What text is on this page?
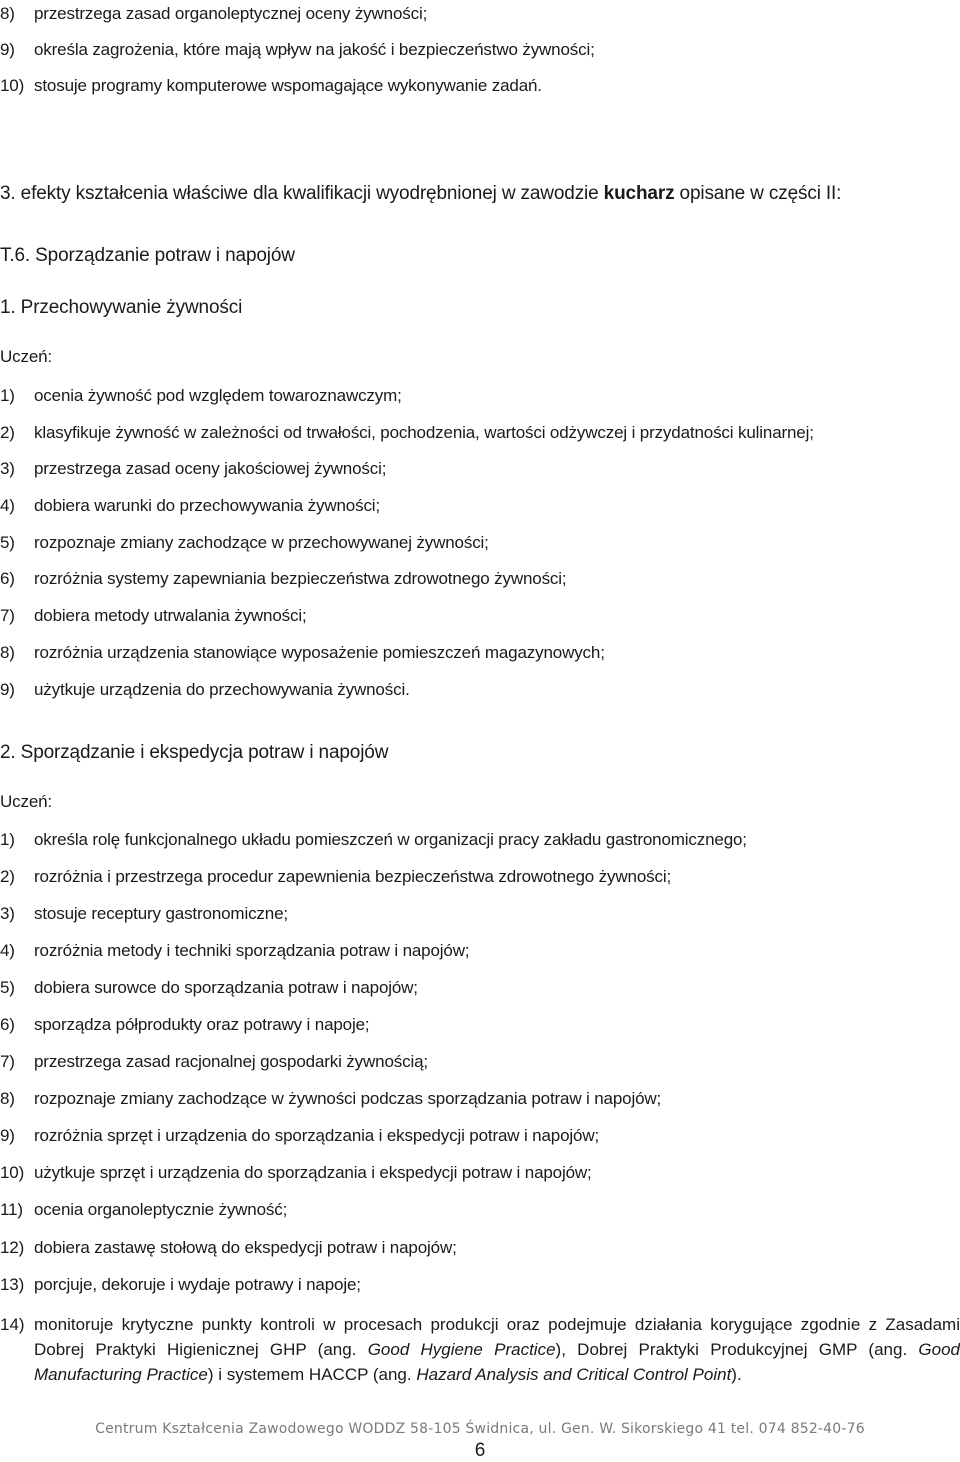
8)	przestrzega zasad organoleptycznej oceny żywności;
9)	określa zagrożenia, które mają wpływ na jakość i bezpieczeństwo żywności;
10) stosuje programy komputerowe wspomagające wykonywanie zadań.
3. efekty kształcenia właściwe dla kwalifikacji wyodrębnionej w zawodzie kucharz opisane w części II:
T.6. Sporządzanie potraw i napojów
1. Przechowywanie żywności
Uczeń:
1)	ocenia żywność pod względem towaroznawczym;
2)	klasyfikuje żywność w zależności od trwałości, pochodzenia, wartości odżywczej i przydatności kulinarnej;
3)	przestrzega zasad oceny jakościowej żywności;
4)	dobiera warunki do przechowywania żywności;
5)	rozpoznaje zmiany zachodzące w przechowywanej żywności;
6)	rozróżnia systemy zapewniania bezpieczeństwa zdrowotnego żywności;
7)	dobiera metody utrwalania żywności;
8)	rozróżnia urządzenia stanowiące wyposażenie pomieszczeń magazynowych;
9)	użytkuje urządzenia do przechowywania żywności.
2. Sporządzanie i ekspedycja potraw i napojów
Uczeń:
1)	określa rolę funkcjonalnego układu pomieszczeń w organizacji pracy zakładu gastronomicznego;
2)	rozróżnia i przestrzega procedur zapewnienia bezpieczeństwa zdrowotnego żywności;
3)	stosuje receptury gastronomiczne;
4)	rozróżnia metody i techniki sporządzania potraw i napojów;
5)	dobiera surowce do sporządzania potraw i napojów;
6)	sporządza półprodukty oraz potrawy i napoje;
7)	przestrzega zasad racjonalnej gospodarki żywnością;
8)	rozpoznaje zmiany zachodzące w żywności podczas sporządzania potraw i napojów;
9)	rozróżnia sprzęt i urządzenia do sporządzania i ekspedycji potraw i napojów;
10) użytkuje sprzęt i urządzenia do sporządzania i ekspedycji potraw i napojów;
11) ocenia organoleptycznie żywność;
12) dobiera zastawę stołową do ekspedycji potraw i napojów;
13) porcjuje, dekoruje i wydaje potrawy i napoje;
14) monitoruje krytyczne punkty kontroli w procesach produkcji oraz podejmuje działania korygujące zgodnie z Zasadami Dobrej Praktyki Higienicznej GHP (ang. Good Hygiene Practice), Dobrej Praktyki Produkcyjnej GMP (ang. Good Manufacturing Practice) i systemem HACCP (ang. Hazard Analysis and Critical Control Point).
Centrum Kształcenia Zawodowego WODDZ 58-105 Świdnica, ul. Gen. W. Sikorskiego 41 tel. 074 852-40-76
6
